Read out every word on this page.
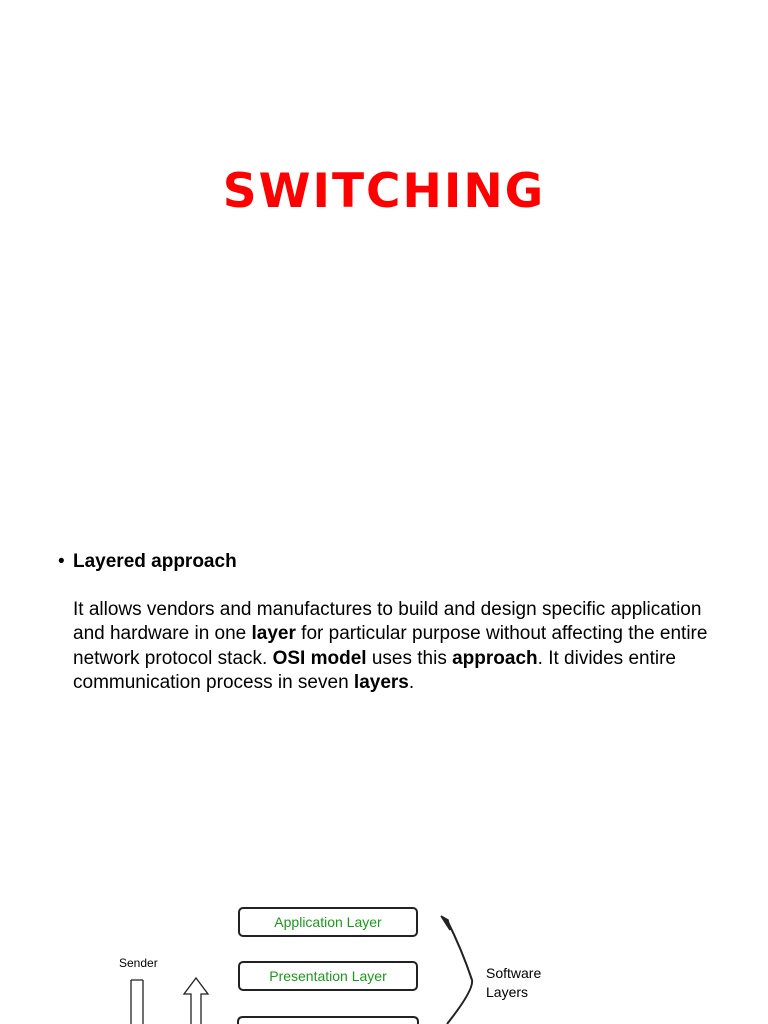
SWITCHING
• Layered approach
It allows vendors and manufactures to build and design specific application and hardware in one layer for particular purpose without affecting the entire network protocol stack. OSI model uses this approach. It divides entire communication process in seven layers.
Sender
Application Layer
Presentation Layer	Software
Layers
